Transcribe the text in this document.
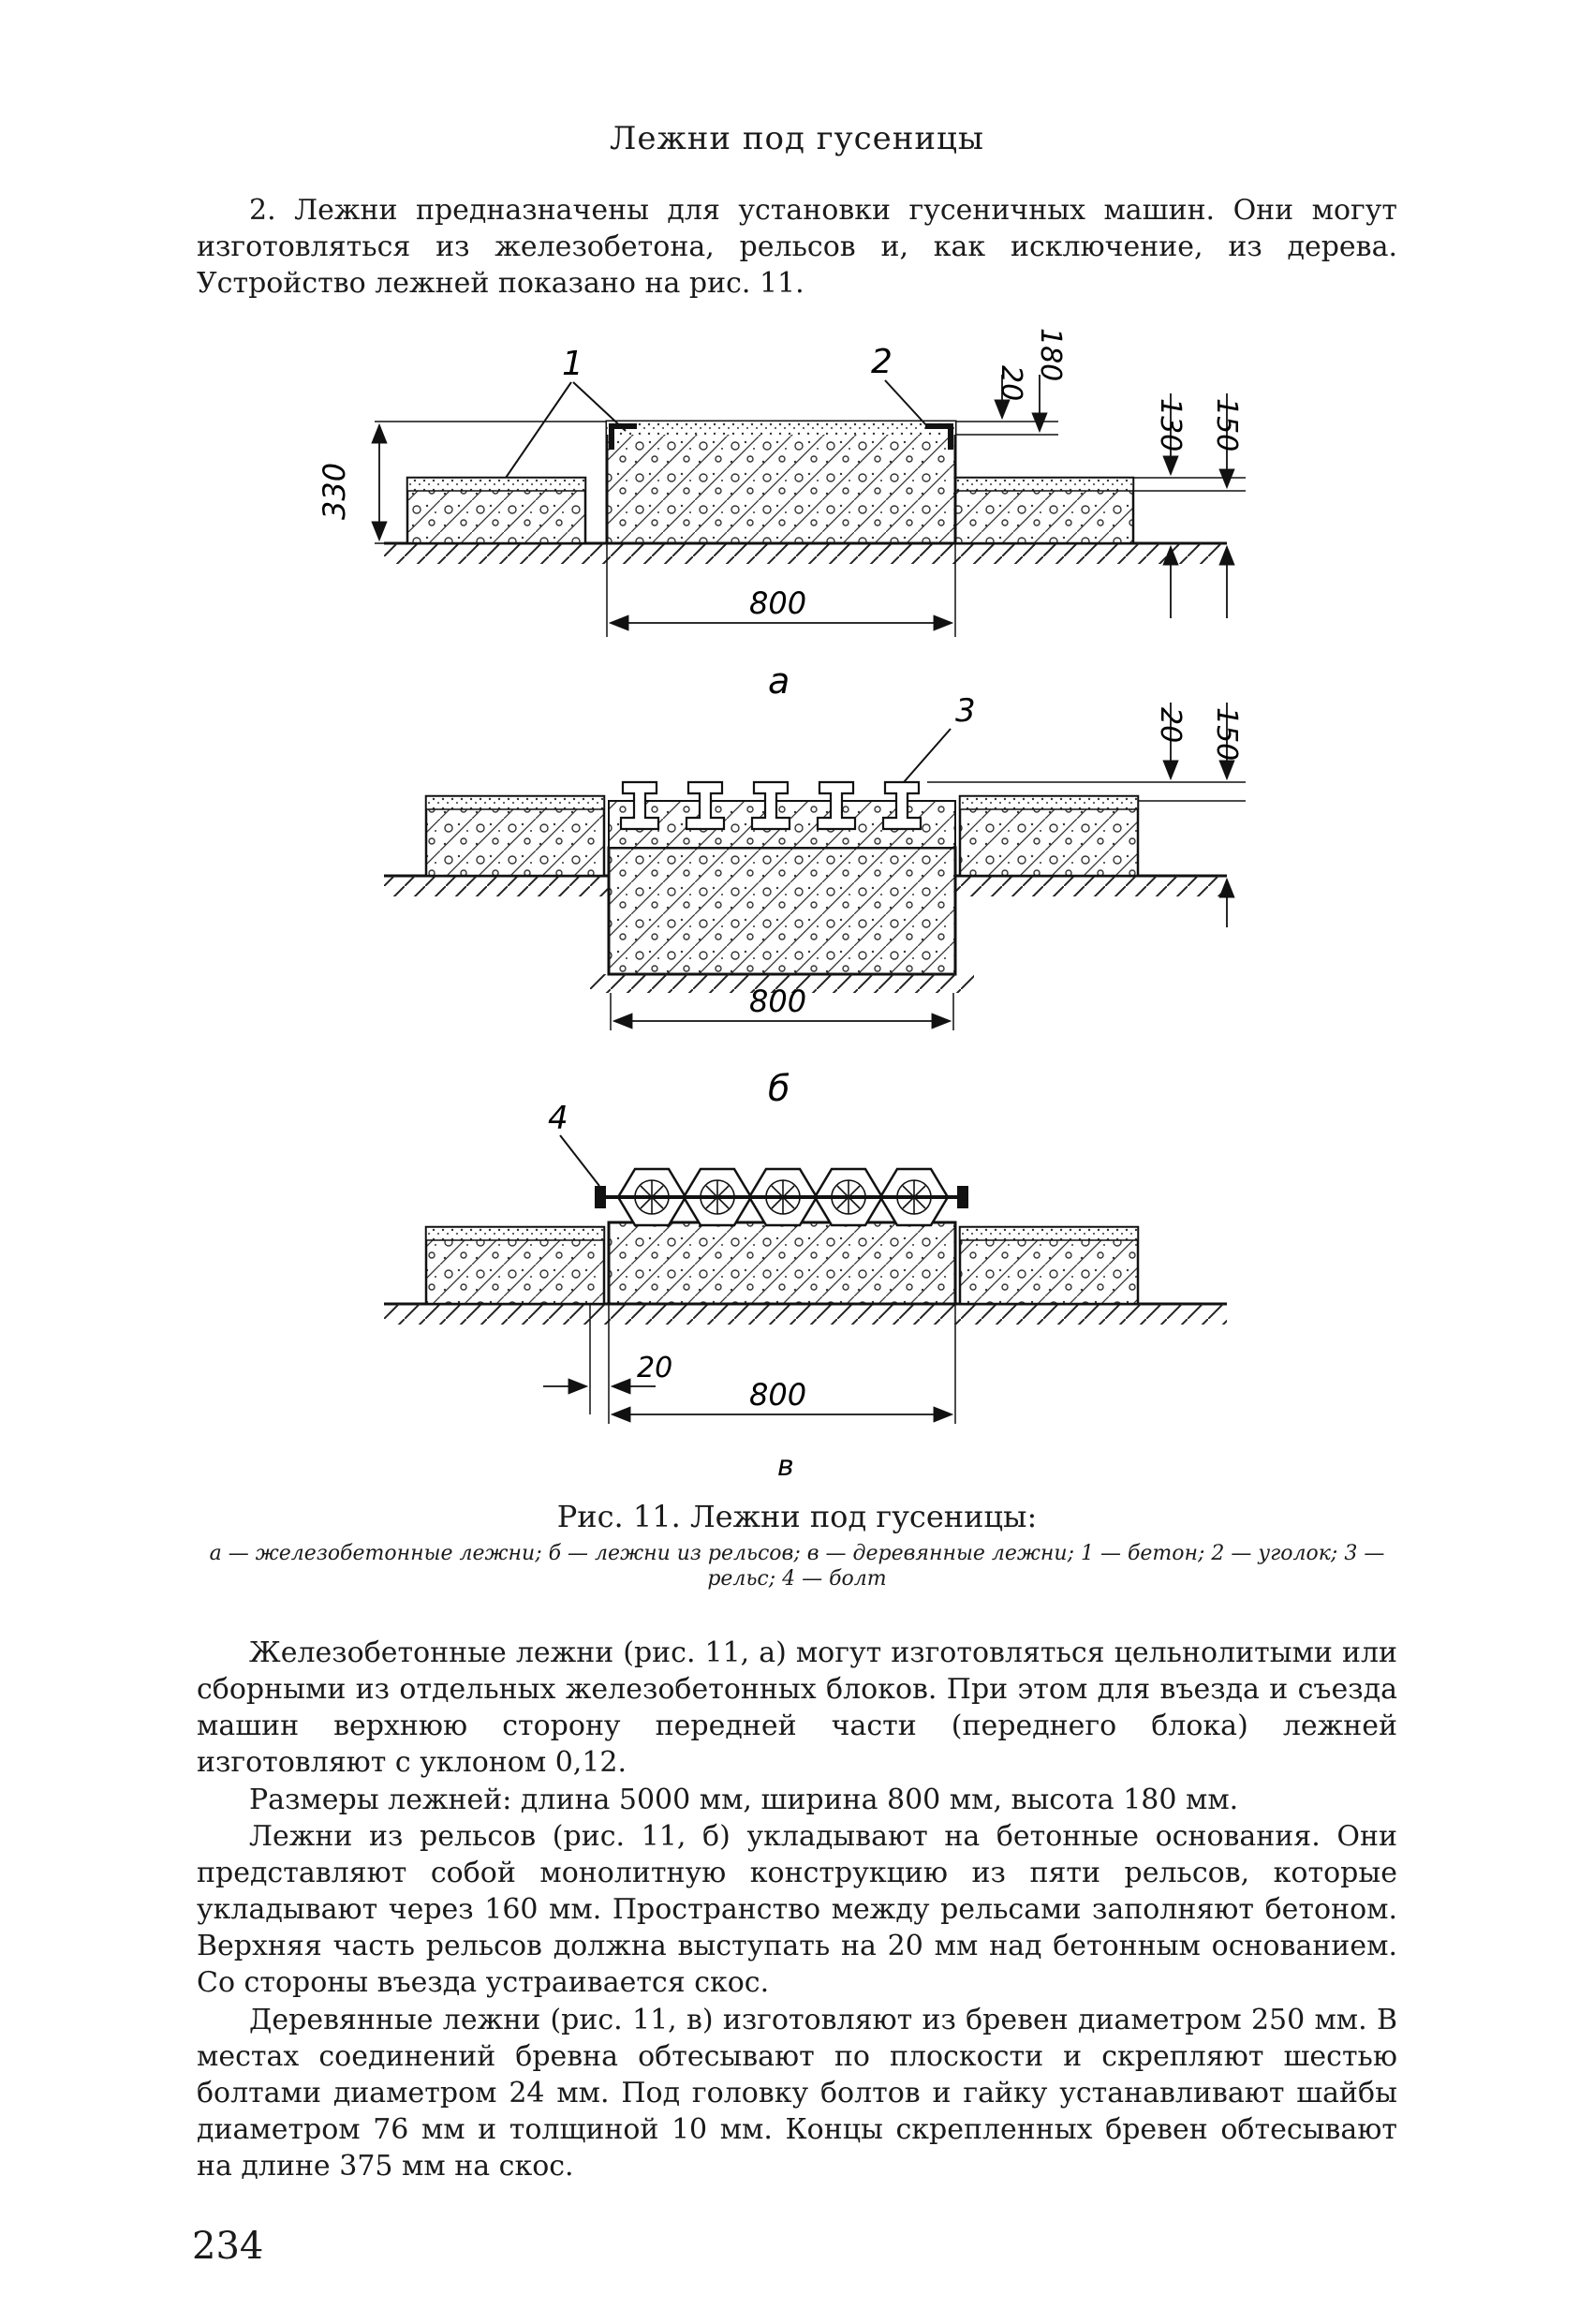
Лежни под гусеницы
2. Лежни предназначены для установки гусеничных машин. Они могут изготовляться из железобетона, рельсов и, как исключение, из дерева. Устройство лежней показано на рис. 11.
1	2
330
20
180
130 150
800
а
3	20 150
800
б
4
20
800
в
Рис. 11. Лежни под гусеницы:
а — железобетонные лежни; б — лежни из рельсов; в — деревянные лежни; 1 — бетон; 2 — уголок; 3 — рельс; 4 — болт
Железобетонные лежни (рис. 11, а) могут изготовляться цельнолитыми или сборными из отдельных железобетонных блоков. При этом для въезда и съезда машин верхнюю сторону передней части (переднего блока) лежней изготовляют с уклоном 0,12.
Размеры лежней: длина 5000 мм, ширина 800 мм, высота 180 мм.
Лежни из рельсов (рис. 11, б) укладывают на бетонные основания. Они представляют собой монолитную конструкцию из пяти рельсов, которые укладывают через 160 мм. Пространство между рельсами заполняют бетоном. Верхняя часть рельсов должна выступать на 20 мм над бетонным основанием. Со стороны въезда устраивается скос.
Деревянные лежни (рис. 11, в) изготовляют из бревен диаметром 250 мм. В местах соединений бревна обтесывают по плоскости и скрепляют шестью болтами диаметром 24 мм. Под головку болтов и гайку устанавливают шайбы диаметром 76 мм и толщиной 10 мм. Концы скрепленных бревен обтесывают на длине 375 мм на скос.
234
